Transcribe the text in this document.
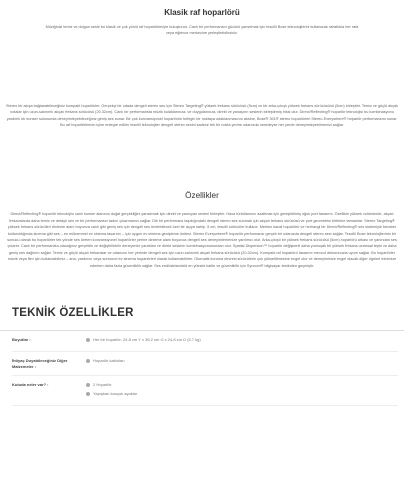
Klasik raf hoparlörü

Müziğinizi temiz ve dolgun sesle bu klasik ve çok yönlü raf hoparlörleriyle buluşturun. Canlı bir performansın gücünü yansıtmak için tescilli Bose teknolojilerini kullanarak rahatlıkla her rafa veya eğlence merkezine yerleştirebilirsiniz.

Stereo bir akışa bağlanabileceğiniz kompakt hoparlörler. Gerçekçi bir odada dengeli stereo ses için Stereo Targeting® yüksek frekans sürücüsü (5cm) ve bir arka-çıkışlı yüksek frekans sürücüsünü (5cm) birleştirir. Temiz ve güçlü akçalı notalar için uzun-salınımlı akçalı frekans sürücüsü (20.32cm). Canlı bir performansta müzik kulaklarınıza, ve duygularınıza, direkt ve yanaşırın seslerin birleştirmiş hissi olur. Direct/Reflecting® hoparlör teknolojisi bu kombinasyonu yardımlı bir konser solonunda deneyimleyebileceğiniz geniş ses sunar. Bir çok konvansiyonel hoparlörün belirgin bir noktaya odaklanmasının aksine, Bose® 301® stereo hoparlörleri Stereo Everywhere® hoparlör performansını sunar. Bu raf hoparlörlerinin içine entegre edilen tescilli teknolojiler dengeli stereo sesini sadece tek bir nokta yerine odanızda neredeyse her yerde deneyimleyebilmenizi sağlar.

Özellikler

Direct/Reflecting® hoparlör teknolojisi canlı konser alanının doğal gerçekliğini yansıtmak için direkt ve yansıyan sesleri birleştirir. Hava türbülansını azaltmak için genişletilmiş oğuk port tasarımı. Özellikle yüksek volümlerde, akçalı frekanslarda daha temiz ve detaylı ses ve bir performansın tadını çıkarmanızı sağlar. Dik bir performans taşıtlığındaki dengeli stereo ses sunmak için akçalı frekans sürücüsü ve port geometrisi birbirine tamamlar. Stereo Targeting® yüksek frekans sürücüleri dinleme alanı boyunca canlı gibi geniş ses için dengeli ses üretebilecek özel bir açıya sahip. 5 cm, tescilli sürücüler kullanır. Merkez kanal hoparlörü ve herhangi bir Direct/Reflecting® ses sistemiyle beraber kullanıldığında sinema gibi ses – en mükemmel ev sinema tasarımı – için uygun ev sinema genişleme ünitesi. Stereo Everywhere® hoparlör performansı gerçek bir odanızda dengeli stereo sesi sağlar. Tescilli Bose teknolojilerinin bir sonucu olarak bu hoparlörler tek yönde ses üreten konvansiyonel hoparlörler yerine dinleme alanı boyunca dengeli ses deneyimlemenize yardımcı olur. Arka-çıkışlı bir yüksek frekans sürücüsü (5cm) hoparlörü arkası ve yanından ses çıkartır. Canlı bir performansta olacağınız gerçeklik ve değiştirilebilir deneyimini yaratılan ve direkt seslerin kombinasyonunundan olur. Spatial Dispersion™ hoparlör değişkenli daha yumuşak bir yüksek frekans uzamsal tepki ve daha geniş ses dağılımı sağlar. Temiz ve güçlü akçalı frekanslar ve odanızın her yerinde dengeli ses için uzun-salınımlı akçalı frekans sürücüsü (20.32cm). Kompakt raf hoparlörü tasarımı mevcut dekorunuzla uyum sağlar. Bu hoparlörler müzik veya film için kullanılabilmiz – ana, yardımcı veya surround ev sinema hoparlörleri olarak kullanılabilirler. Otomatik koruma devresi sürücülerin çok yükseltilmesine engel olur ve deneyiminize engel olacak diğer ögeleri minimize ederken daha fazla güvenilirlik sağlar. Ses endüstrisindeki en yüksek kalite ve güvenilirlik için Syncom® bilgisayar testinden geçmiştir.

TEKNİK ÖZELLİKLER
Boyutlar :	Her bir hoparlör: 24.8 cm Y x 36.2 cm G x 24.8 cm D (5.7 kg)
İhtiyaç Duyabileceğiniz Diğer Malzemeler :
Hoparlör kabloları
Kutuda neler var? :	2 Hoparlör
Yapışkan kauçuk ayaklar
